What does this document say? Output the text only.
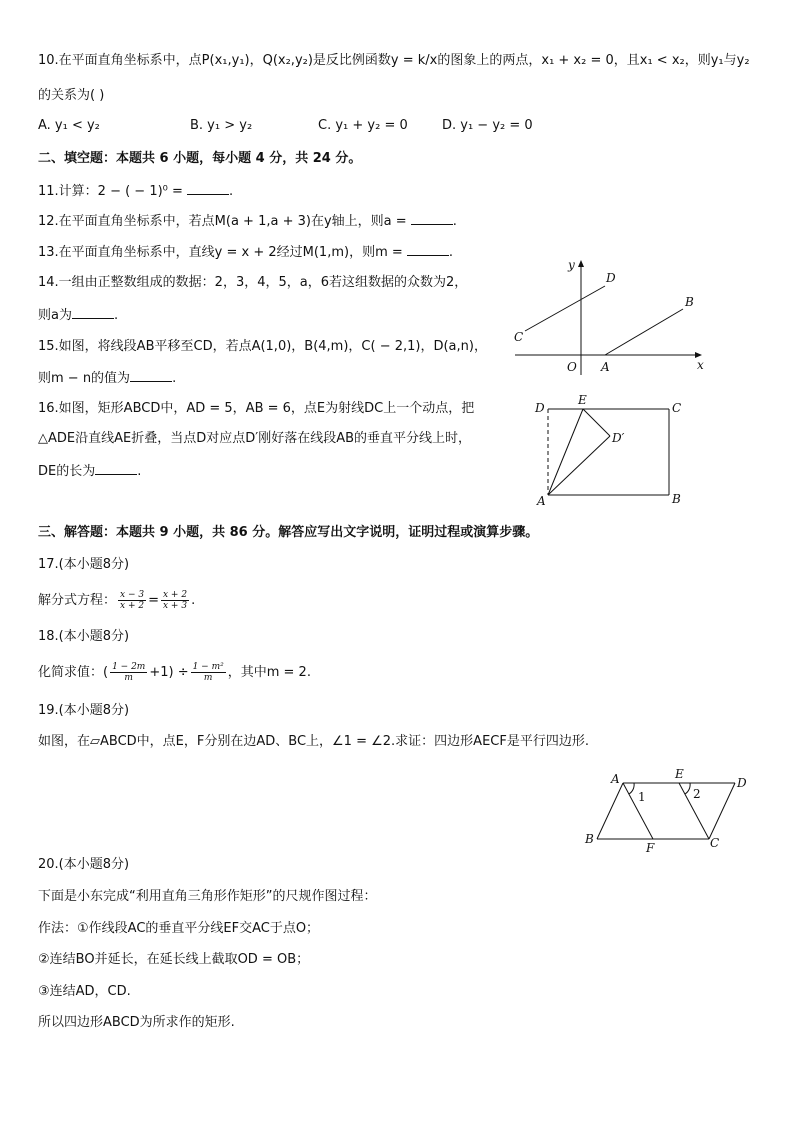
10.在平面直角坐标系中，点P(x₁,y₁)，Q(x₂,y₂)是反比例函数y = k/x的图象上的两点，x₁ + x₂ = 0，且x₁ < x₂，则y₁与y₂
的关系为( )
A. y₁ < y₂	B. y₁ > y₂	C. y₁ + y₂ = 0	D. y₁ − y₂ = 0
二、填空题：本题共 6 小题，每小题 4 分，共 24 分。
11.计算：2 − ( − 1)⁰ =	.
12.在平面直角坐标系中，若点M(a + 1,a + 3)在y轴上，则a =	.
13.在平面直角坐标系中，直线y = x + 2经过M(1,m)，则m =	.
14.一组由正整数组成的数据：2，3，4，5，a，6若这组数据的众数为2，
则a为	.
15.如图，将线段AB平移至CD，若点A(1,0)，B(4,m)，C( − 2,1)，D(a,n)，
则m − n的值为	.
16.如图，矩形ABCD中，AD = 5，AB = 6，点E为射线DC上一个动点，把
△ADE沿直线AE折叠，当点D对应点D′刚好落在线段AB的垂直平分线上时，
DE的长为	.
三、解答题：本题共 9 小题，共 86 分。解答应写出文字说明，证明过程或演算步骤。
17.(本小题8分)
解分式方程： $\frac{x - 3}{x + 2} = \frac{x + 2}{x + 3}$ .
18.(本小题8分)
化简求值：( $\frac{1 - 2m}{m} +1) \div \frac{\text{1 − m²}}{m}$ ，其中m = 2.
19.(本小题8分)
如图，在▱ABCD中，点E，F分别在边AD、BC上，∠1 = ∠2.求证：四边形AECF是平行四边形.
20.(本小题8分)
下面是小东完成“利用直角三角形作矩形”的尺规作图过程：
作法：①作线段AC的垂直平分线EF交AC于点O；
②连结BO并延长，在延长线上截取OD = OB；
③连结AD，CD.
所以四边形ABCD为所求作的矩形.
y
x
O A
B
C
D
D
E
C
D′
A	B
A	E
D
1	2
B
F	C
